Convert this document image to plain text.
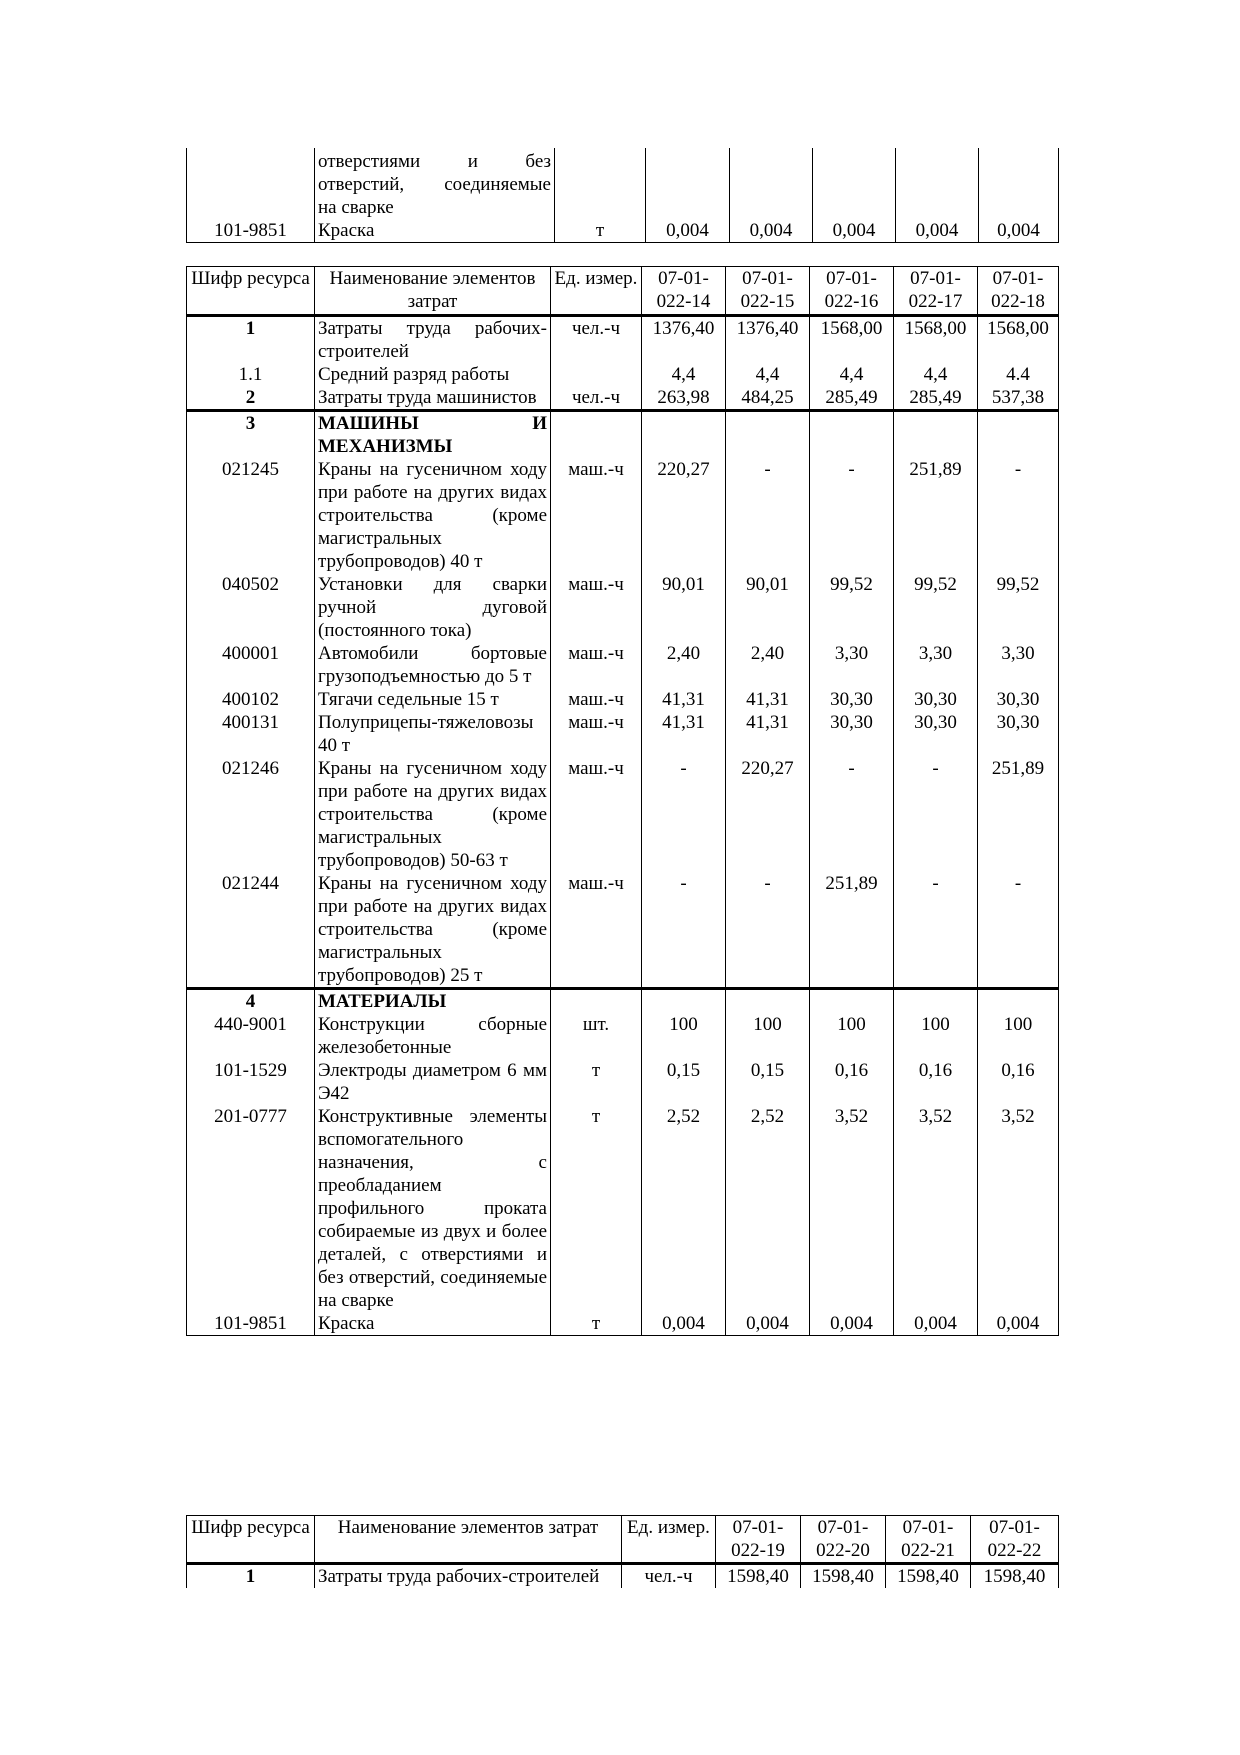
	отверстиями и без
отверстий, соединяемые
на сварке						

101-9851	Краска	т	0,004	0,004	0,004	0,004	0,004
Шифр ресурса	Наименование элементов затрат	Ед. измер.	07-01-022-14	07-01-022-15	07-01-022-16	07-01-022-17	07-01-022-18
1	Затраты труда рабочих-строителей	чел.-ч	1376,40	1376,40	1568,00	1568,00	1568,00
1.1	Средний разряд работы		4,4	4,4	4,4	4,4	4.4
2	Затраты труда машинистов	чел.-ч	263,98	484,25	285,49	285,49	537,38
3	МАШИНЫ И МЕХАНИЗМЫ						
021245	Краны на гусеничном ходу при работе на других видах строительства (кроме магистральных трубопроводов) 40 т	маш.-ч	220,27	-	-	251,89	-
040502	Установки для сварки ручной дуговой (постоянного тока)	маш.-ч	90,01	90,01	99,52	99,52	99,52
400001	Автомобили бортовые грузоподъемностью до 5 т	маш.-ч	2,40	2,40	3,30	3,30	3,30
400102	Тягачи седельные 15 т	маш.-ч	41,31	41,31	30,30	30,30	30,30
400131	Полуприцепы-тяжеловозы 40 т	маш.-ч	41,31	41,31	30,30	30,30	30,30
021246	Краны на гусеничном ходу при работе на других видах строительства (кроме магистральных трубопроводов) 50-63 т	маш.-ч	-	220,27	-	-	251,89
021244	Краны на гусеничном ходу при работе на других видах строительства (кроме магистральных трубопроводов) 25 т	маш.-ч	-	-	251,89	-	-
4	МАТЕРИАЛЫ						
440-9001	Конструкции сборные железобетонные	шт.	100	100	100	100	100
101-1529	Электроды диаметром 6 мм Э42	т	0,15	0,15	0,16	0,16	0,16
201-0777	Конструктивные элементы вспомогательного назначения, с преобладанием профильного проката собираемые из двух и более деталей, с отверстиями и без отверстий, соединяемые на сварке	т	2,52	2,52	3,52	3,52	3,52
101-9851	Краска	т	0,004	0,004	0,004	0,004	0,004
Шифр ресурса	Наименование элементов затрат	Ед. измер.	07-01-022-19	07-01-022-20	07-01-022-21	07-01-022-22
1	Затраты труда рабочих-строителей	чел.-ч	1598,40	1598,40	1598,40	1598,40
